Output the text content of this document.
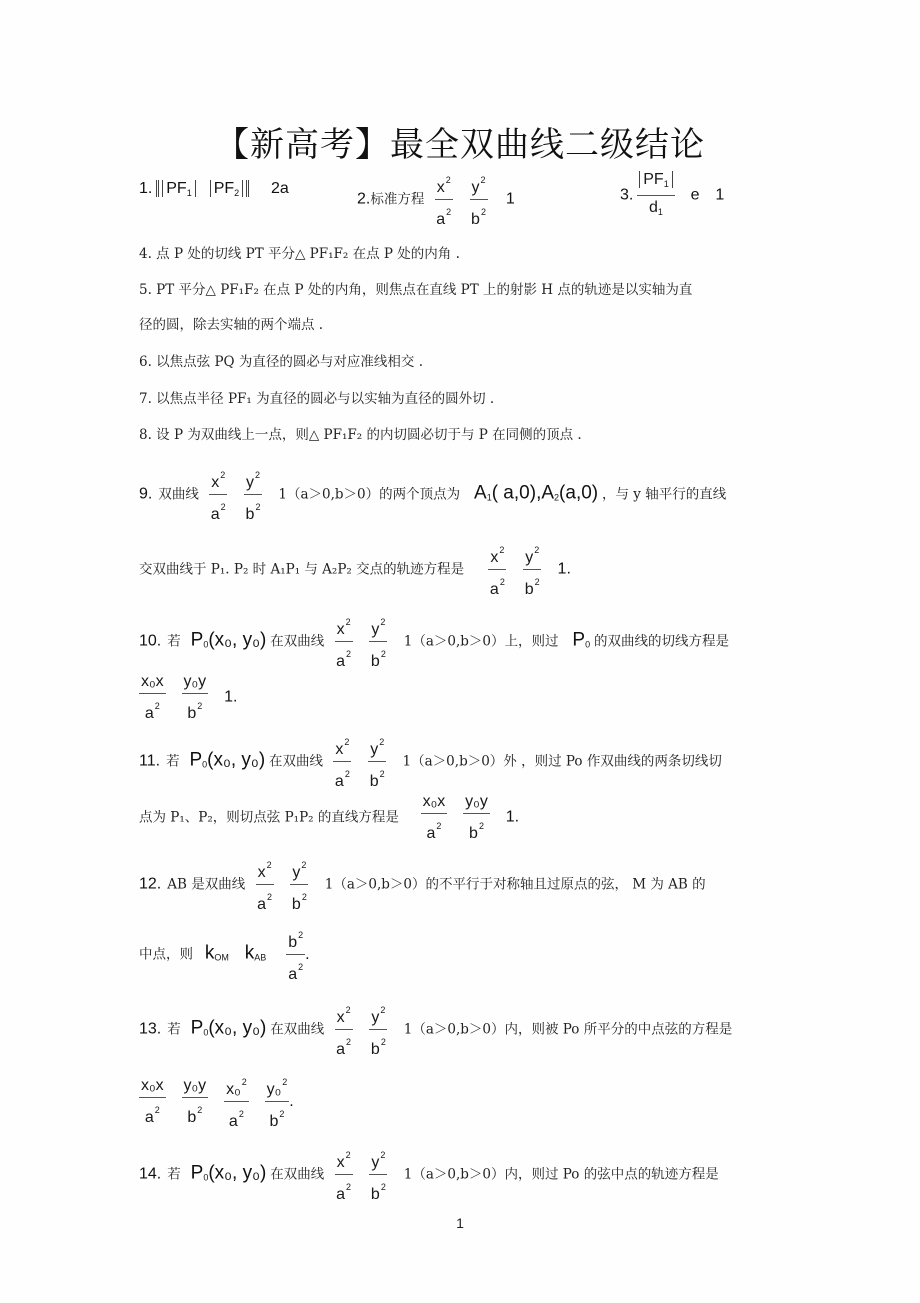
【新高考】最全双曲线二级结论
1. $PF_1$ $PF_2$ 2a
2.标准方程 $\frac{x^2}{a^2}$
$\frac{y^2}{b^2} 1$	3. $\frac{PF_1}{d_1}$ e 1
4. 点 P 处的切线 PT 平分△ PF₁F₂ 在点 P 处的内角 .
5. PT 平分△ PF₁F₂ 在点 P 处的内角，则焦点在直线 PT 上的射影 H 点的轨迹是以实轴为直
径的圆，除去实轴的两个端点 .
6. 以焦点弦 PQ 为直径的圆必与对应准线相交 .
7. 以焦点半径 PF₁ 为直径的圆必与以实轴为直径的圆外切 .
8. 设 P 为双曲线上一点，则△ PF₁F₂ 的内切圆必切于与 P 在同侧的顶点 .
9. 双曲线 $\frac{x^2}{a^2}$
$\frac{y^2}{b^2} 1(a>0,b>0)$的两个顶点为 $A_1$( $a,0),A_2(a,0)$ ，与 y 轴平行的直线
交双曲线于 P₁. P₂ 时 A₁P₁ 与 A₂P₂ 交点的轨迹方程是 $\frac{x^2}{a^2}$
$\frac{y^2}{b^2} 1$.
10. 若 $P_0(x_0$, y₀) 在双曲线 $\frac{x^2}{a^2}$
$\frac{y^2}{b^2} 1(a>0,b>0)$上，则过 $P_0$ 的双曲线的切线方程是
$\frac{\text{x₀x}}{a^2}$
$\frac{\text{y₀y}}{b^2} 1$.
11. 若 $P_0(x_0$, y₀) 在双曲线 $\frac{x^2}{a^2}$
$\frac{y^2}{b^2} 1(a>0,b>0)$外 ，则过 Po 作双曲线的两条切线切
点为 P₁、P₂，则切点弦 P₁P₂ 的直线方程是 $\frac{\text{x₀x}}{a^2}$
$\frac{\text{y₀y}}{b^2} 1$.
12. AB 是双曲线 $\frac{x^2}{a^2}$
$\frac{y^2}{b^2} 1(a>0,b>0)$的不平行于对称轴且过原点的弦， M 为 AB 的
中点，则 $k_{OM}$ $k_{AB} \frac{b^2}{a^2}$ .
13. 若 $P_0(x_0$, y₀) 在双曲线 $\frac{x^2}{a^2}$
$\frac{y^2}{b^2} 1(a>0,b>0)$内，则被 Po 所平分的中点弦的方程是
$\frac{\text{x₀x}}{a^2}$
$\frac{\text{y₀y}}{b^2}$
$\frac{x_0^2}{a^2}$
$\frac{y_0^2}{b^2}$ .
14. 若 $P_0(x_0$, y₀) 在双曲线 $\frac{x^2}{a^2}$
$\frac{y^2}{b^2} 1(a>0,b>0)$内，则过 Po 的弦中点的轨迹方程是
1
